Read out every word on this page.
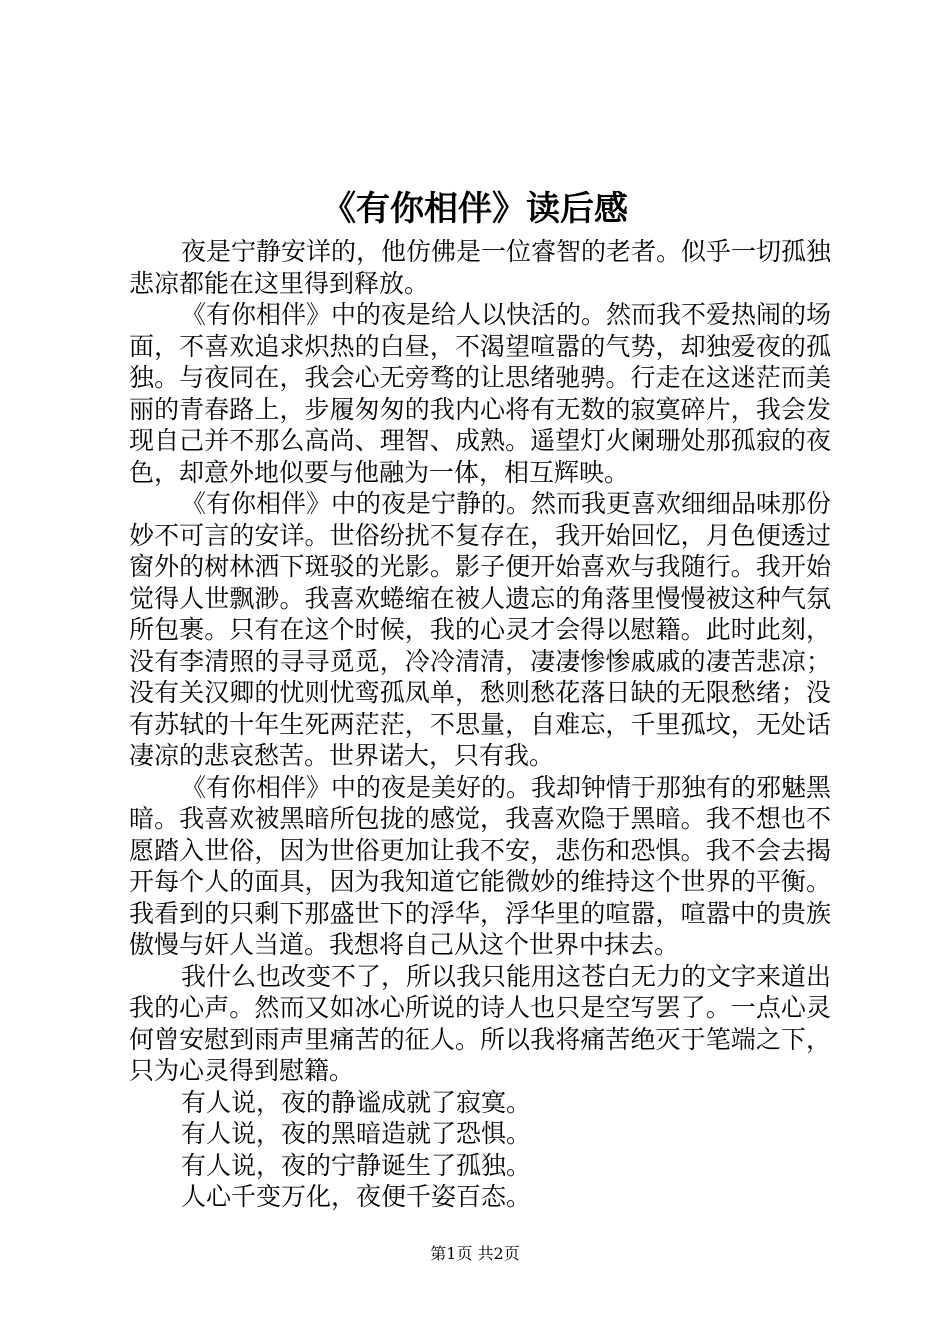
《有你相伴》读后感

夜是宁静安详的，他仿佛是一位睿智的老者。似乎一切孤独悲凉都能在这里得到释放。

《有你相伴》中的夜是给人以快活的。然而我不爱热闹的场面，不喜欢追求炽热的白昼，不渴望喧嚣的气势，却独爱夜的孤独。与夜同在，我会心无旁骛的让思绪驰骋。行走在这迷茫而美丽的青春路上，步履匆匆的我内心将有无数的寂寞碎片，我会发现自己并不那么高尚、理智、成熟。遥望灯火阑珊处那孤寂的夜色，却意外地似要与他融为一体，相互辉映。

《有你相伴》中的夜是宁静的。然而我更喜欢细细品味那份妙不可言的安详。世俗纷扰不复存在，我开始回忆，月色便透过窗外的树林洒下斑驳的光影。影子便开始喜欢与我随行。我开始觉得人世飘渺。我喜欢蜷缩在被人遗忘的角落里慢慢被这种气氛所包裹。只有在这个时候，我的心灵才会得以慰籍。此时此刻，没有李清照的寻寻觅觅，冷冷清清，凄凄惨惨戚戚的凄苦悲凉；没有关汉卿的忧则忧鸾孤凤单，愁则愁花落日缺的无限愁绪；没有苏轼的十年生死两茫茫，不思量，自难忘，千里孤坟，无处话凄凉的悲哀愁苦。世界诺大，只有我。

《有你相伴》中的夜是美好的。我却钟情于那独有的邪魅黑暗。我喜欢被黑暗所包拢的感觉，我喜欢隐于黑暗。我不想也不愿踏入世俗，因为世俗更加让我不安，悲伤和恐惧。我不会去揭开每个人的面具，因为我知道它能微妙的维持这个世界的平衡。我看到的只剩下那盛世下的浮华，浮华里的喧嚣，喧嚣中的贵族傲慢与奸人当道。我想将自己从这个世界中抹去。

我什么也改变不了，所以我只能用这苍白无力的文字来道出我的心声。然而又如冰心所说的诗人也只是空写罢了。一点心灵何曾安慰到雨声里痛苦的征人。所以我将痛苦绝灭于笔端之下，只为心灵得到慰籍。

有人说，夜的静谧成就了寂寞。

有人说，夜的黑暗造就了恐惧。

有人说，夜的宁静诞生了孤独。

人心千变万化，夜便千姿百态。

第1页 共2页
